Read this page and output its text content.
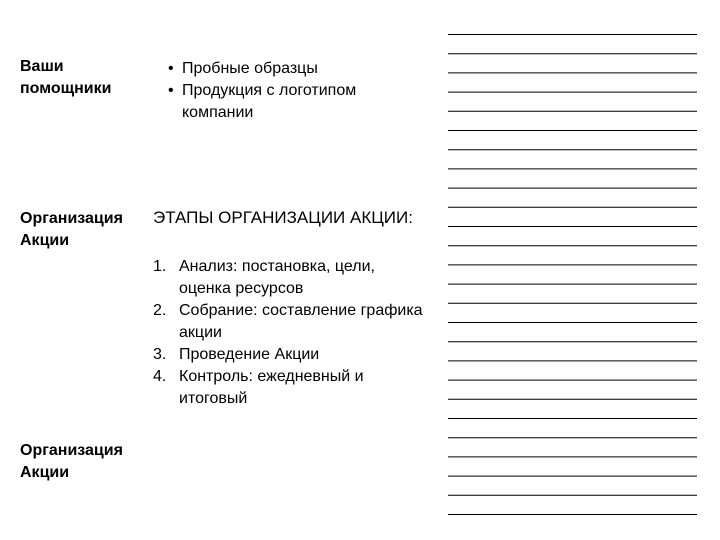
Ваши помощники
• Пробные образцы
• Продукция с логотипом компании
Организация Акции
ЭТАПЫ ОРГАНИЗАЦИИ АКЦИИ:
1. Анализ: постановка, цели, оценка ресурсов
2. Собрание: составление графика акции
3. Проведение Акции
4. Контроль: ежедневный и итоговый
Организация Акции
